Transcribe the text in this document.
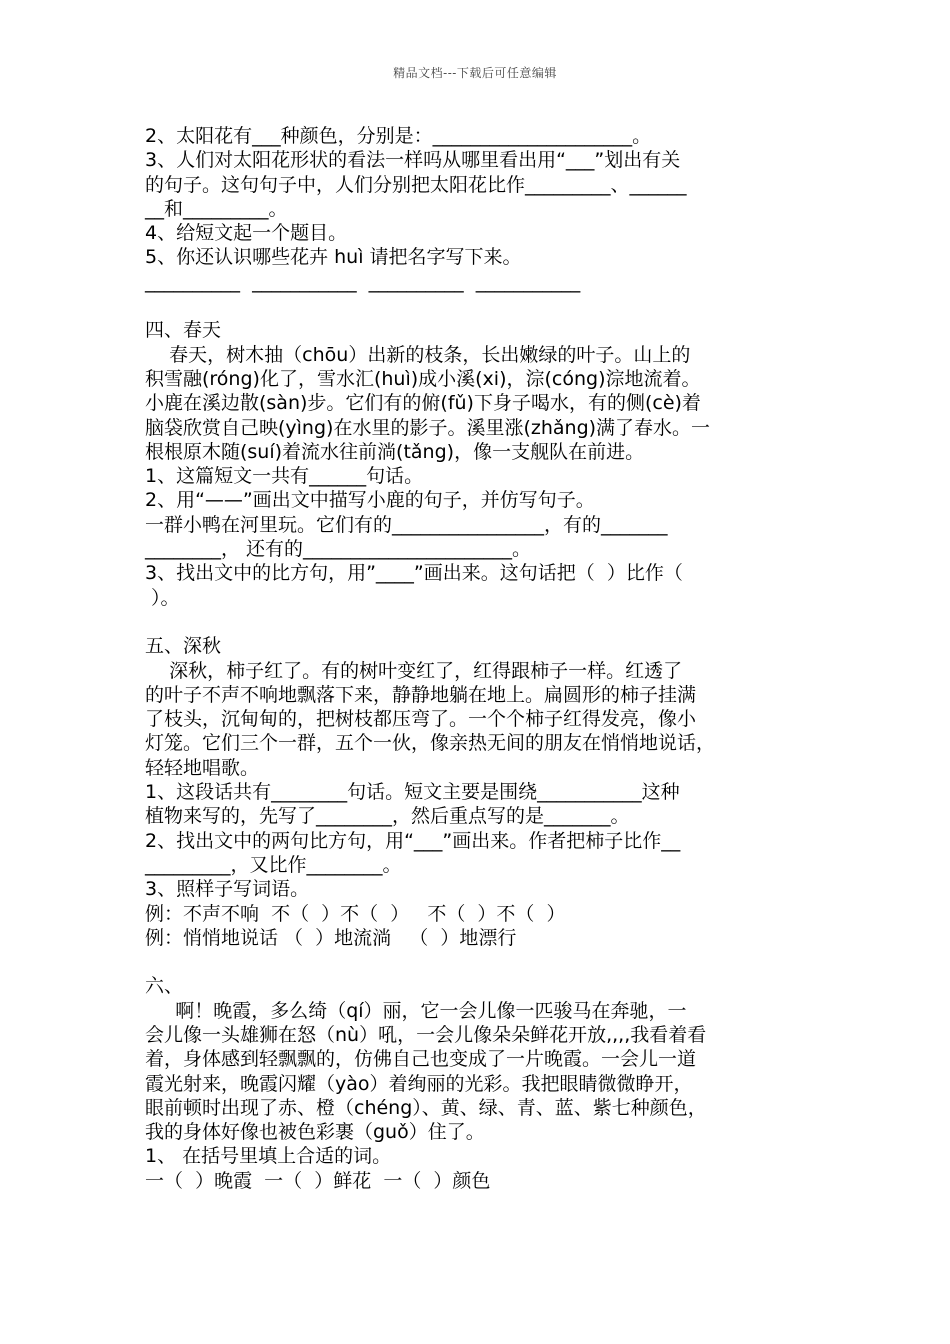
精品文档---下载后可任意编辑
2、太阳花有___种颜色，分别是：_____________________。
3、人们对太阳花形状的看法一样吗从哪里看出用“___”划出有关
的句子。这句句子中，人们分别把太阳花比作_________、______
__和_________。
4、给短文起一个题目。
5、你还认识哪些花卉 huì 请把名字写下来。
__________  ___________  __________  ___________
四、春天
春天，树木抽（chōu）出新的枝条，长出嫩绿的叶子。山上的
积雪融(róng)化了，雪水汇(huì)成小溪(xi)，淙(cóng)淙地流着。
小鹿在溪边散(sàn)步。它们有的俯(fǔ)下身子喝水，有的侧(cè)着
脑袋欣赏自己映(yìng)在水里的影子。溪里涨(zhǎng)满了春水。一
根根原木随(suí)着流水往前淌(tǎng)，像一支舰队在前进。
1、这篇短文一共有______句话。
2、用“——”画出文中描写小鹿的句子，并仿写句子。
一群小鸭在河里玩。它们有的________________，有的_______
________， 还有的______________________。
3、找出文中的比方句，用”____”画出来。这句话把（  ）比作（
）。
五、深秋
深秋，柿子红了。有的树叶变红了，红得跟柿子一样。红透了
的叶子不声不响地飘落下来，静静地躺在地上。扁圆形的柿子挂满
了枝头，沉甸甸的，把树枝都压弯了。一个个柿子红得发亮，像小
灯笼。它们三个一群，五个一伙，像亲热无间的朋友在悄悄地说话，
轻轻地唱歌。
1、这段话共有________句话。短文主要是围绕___________这种
植物来写的，先写了________，然后重点写的是_______。
2、找出文中的两句比方句，用“___”画出来。作者把柿子比作__
_________，又比作________。
3、照样子写词语。
例：不声不响  不（  ）不（  ）   不（  ）不（  ）
例：悄悄地说话 （  ）地流淌   （  ）地漂行
六、
啊！晚霞，多么绮（qí）丽，它一会儿像一匹骏马在奔驰，一
会儿像一头雄狮在怒（nù）吼，一会儿像朵朵鲜花开放,,,,我看着看
着，身体感到轻飘飘的，仿佛自己也变成了一片晚霞。一会儿一道
霞光射来，晚霞闪耀（yào）着绚丽的光彩。我把眼睛微微睁开，
眼前顿时出现了赤、橙（chéng）、黄、绿、青、蓝、紫七种颜色，
我的身体好像也被色彩裹（guǒ）住了。
1、 在括号里填上合适的词。
一（  ）晚霞  一（  ）鲜花  一（  ）颜色
